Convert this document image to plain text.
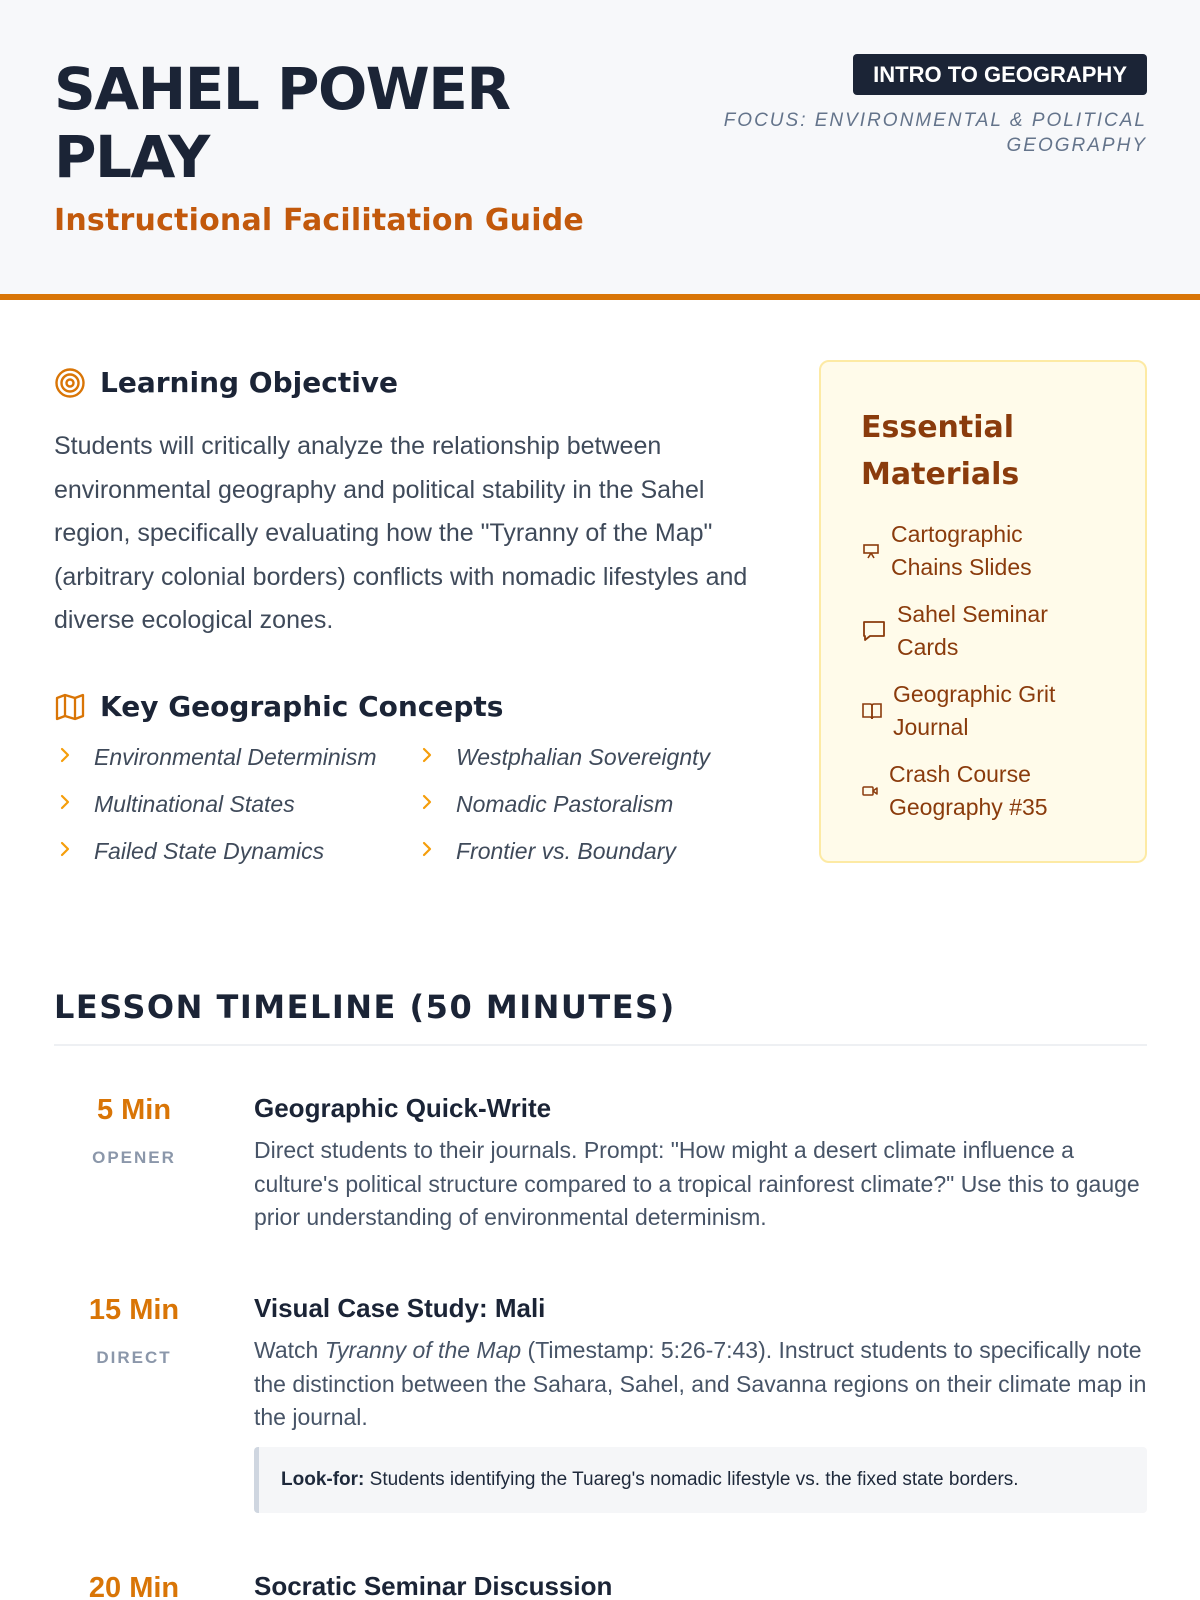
SAHEL POWER PLAY
Instructional Facilitation Guide
INTRO TO GEOGRAPHY
FOCUS: ENVIRONMENTAL & POLITICAL GEOGRAPHY
Learning Objective
Students will critically analyze the relationship between environmental geography and political stability in the Sahel region, specifically evaluating how the "Tyranny of the Map" (arbitrary colonial borders) conflicts with nomadic lifestyles and diverse ecological zones.
Key Geographic Concepts
Environmental Determinism	Westphalian Sovereignty
Multinational States	Nomadic Pastoralism
Failed State Dynamics	Frontier vs. Boundary
Essential Materials
Cartographic Chains Slides
Sahel Seminar Cards
Geographic Grit Journal
Crash Course Geography #35
LESSON TIMELINE (50 MINUTES)
5 Min
OPENER
Geographic Quick-Write
Direct students to their journals. Prompt: "How might a desert climate influence a culture's political structure compared to a tropical rainforest climate?" Use this to gauge prior understanding of environmental determinism.
15 Min
DIRECT
Visual Case Study: Mali
Watch Tyranny of the Map (Timestamp: 5:26-7:43). Instruct students to specifically note the distinction between the Sahara, Sahel, and Savanna regions on their climate map in the journal.
Look-for: Students identifying the Tuareg's nomadic lifestyle vs. the fixed state borders.
20 Min	Socratic Seminar Discussion
